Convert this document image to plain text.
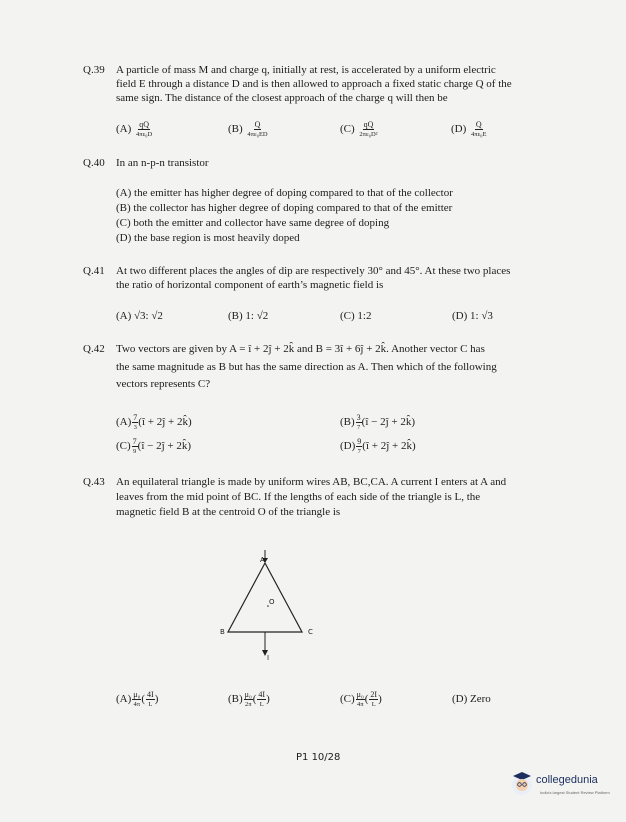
Q.39 A particle of mass M and charge q, initially at rest, is accelerated by a uniform electric
field E through a distance D and is then allowed to approach a fixed static charge Q of the
same sign. The distance of the closest approach of the charge q will then be
$(A) \frac{qQ}{\text{4πε₀D}}$	$(B) \frac{Q}{\text{4πε₀ED}}$	$(C) \frac{qQ}{\text{2πε₀D²}}$	$(D) \frac{Q}{\text{4πε₀E}}$
Q.40 In an n-p-n transistor
(A) the emitter has higher degree of doping compared to that of the collector
(B) the collector has higher degree of doping compared to that of the emitter
(C) both the emitter and collector have same degree of doping
(D) the base region is most heavily doped
Q.41 At two different places the angles of dip are respectively 30° and 45°. At these two places
the ratio of horizontal component of earth’s magnetic field is
(A) √3: √2	(B) 1: √2	(C) 1:2	(D) 1: √3
Q.42 Two vectors are given by A = î + 2ĵ + 2k̂ and B = 3î + 6ĵ + 2k̂. Another vector C has
the same magnitude as B but has the same direction as A. Then which of the following
vectors represents C?
$(A) \frac{7}{3}$ (î + 2ĵ + 2k̂)	$(B) \frac{3}{7}$ (î − 2ĵ + 2k̂)
$(C) \frac{7}{9}$ (î − 2ĵ + 2k̂)	$(D) \frac{9}{7}$ (î + 2ĵ + 2k̂)
Q.43 An equilateral triangle is made by uniform wires AB, BC,CA. A current I enters at A and
leaves from the mid point of BC. If the lengths of each side of the triangle is L, the
magnetic field B at the centroid O of the triangle is
A
O
B	C
I
$(A) \frac{\text{μ₀}}{4\pi}$ ( $\frac{4I}{L}$ )	$(B) \frac{\text{μ₀}}{2\pi}$ ( $\frac{4I}{L}$ )	$(C) \frac{\text{μ₀}}{4\pi}$ ( $\frac{2I}{L}$ )	(D) Zero
P1 10/28
collegedunia
India's largest Student Review Platform
